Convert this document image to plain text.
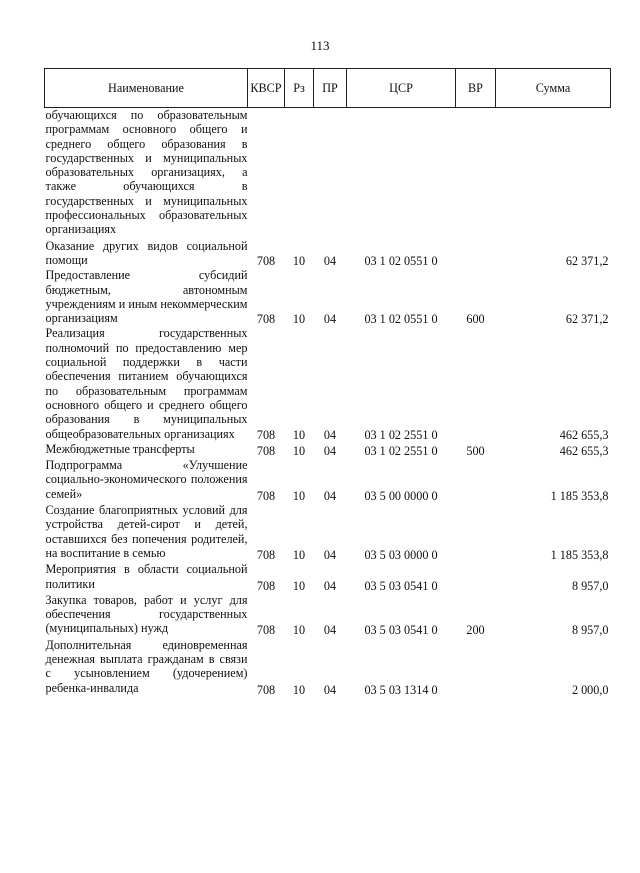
113
Наименование	КВСР	Рз	ПР	ЦСР	ВР	Сумма
обучающихся по образовательным программам основного общего и среднего общего образования в государственных и муниципальных образовательных организациях, а также обучающихся в государственных и муниципальных профессиональных образовательных организациях						
Оказание других видов социальной помощи	708	10	04	03 1 02 0551 0		62 371,2
Предоставление субсидий бюджетным, автономным учреждениям и иным некоммерческим организациям	708	10	04	03 1 02 0551 0	600	62 371,2
Реализация государственных полномочий по предоставлению мер социальной поддержки в части обеспечения питанием обучающихся по образовательным программам основного общего и среднего общего образования в муниципальных общеобразовательных организациях	708	10	04	03 1 02 2551 0		462 655,3
Межбюджетные трансферты	708	10	04	03 1 02 2551 0	500	462 655,3
Подпрограмма «Улучшение социально-экономического положения семей»	708	10	04	03 5 00 0000 0		1 185 353,8
Создание благоприятных условий для устройства детей-сирот и детей, оставшихся без попечения родителей, на воспитание в семью	708	10	04	03 5 03 0000 0		1 185 353,8
Мероприятия в области социальной политики	708	10	04	03 5 03 0541 0		8 957,0
Закупка товаров, работ и услуг для обеспечения государственных (муниципальных) нужд	708	10	04	03 5 03 0541 0	200	8 957,0
Дополнительная единовременная денежная выплата гражданам в связи с усыновлением (удочерением) ребенка-инвалида	708	10	04	03 5 03 1314 0		2 000,0
